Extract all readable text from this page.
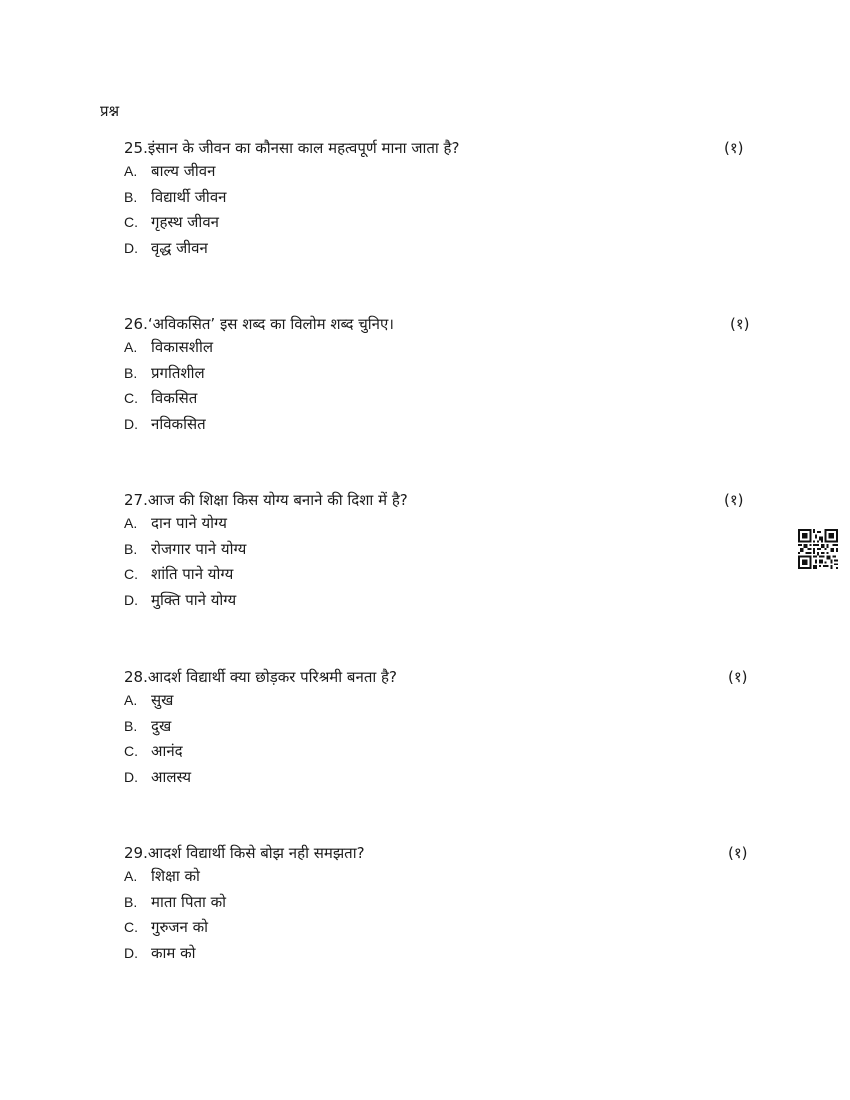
प्रश्न
25.इंसान के जीवन का कौनसा काल महत्वपूर्ण माना जाता है?	(१)
A. बाल्य जीवन
B. विद्यार्थी जीवन
C. गृहस्थ जीवन
D. वृद्ध जीवन
26.‘अविकसित’ इस शब्द का विलोम शब्द चुनिए।	(१)
A. विकासशील
B. प्रगतिशील
C. विकसित
D. नविकसित
27.आज की शिक्षा किस योग्य बनाने की दिशा में है?	(१)
A. दान पाने योग्य
B. रोजगार पाने योग्य
C. शांति पाने योग्य
D. मुक्ति पाने योग्य
28.आदर्श विद्यार्थी क्या छोड़कर परिश्रमी बनता है?	(१)
A. सुख
B. दुख
C. आनंद
D. आलस्य
29.आदर्श विद्यार्थी किसे बोझ नही समझता?	(१)
A. शिक्षा को
B. माता पिता को
C. गुरुजन को
D. काम को
